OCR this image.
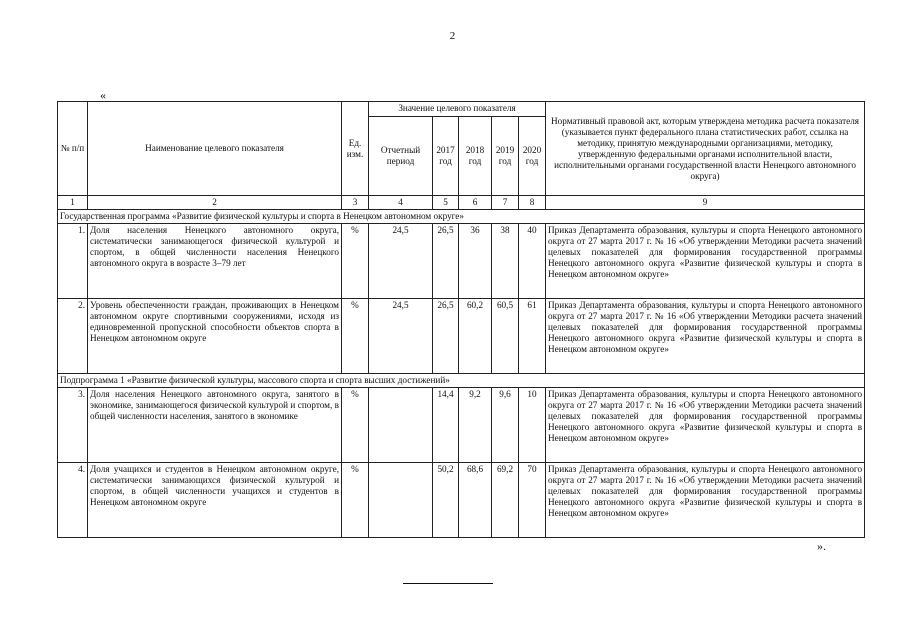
2
«
№ п/п	Наименование целевого показателя	Ед. изм.	Значение целевого показателя					Нормативный правовой акт, которым утверждена методика расчета показателя (указывается пункт федерального плана статистических работ, ссылка на методику, принятую международными организациями, методику, утвержденную федеральными органами исполнительной власти, исполнительными органами государственной власти Ненецкого автономного округа)
			Отчетный период	2017 год	2018 год	2019 год	2020 год	
1	2	3	4	5	6	7	8	9
Государственная программа «Развитие физической культуры и спорта в Ненецком автономном округе»								
1.	Доля населения Ненецкого автономного округа, систематически занимающегося физической культурой и спортом, в общей численности населения Ненецкого автономного округа в возрасте 3–79 лет	%	24,5	26,5	36	38	40	Приказ Департамента образования, культуры и спорта Ненецкого автономного округа от 27 марта 2017 г. № 16 «Об утверждении Методики расчета значений целевых показателей для формирования государственной программы Ненецкого автономного округа «Развитие физической культуры и спорта в Ненецком автономном округе»
2.	Уровень обеспеченности граждан, проживающих в Ненецком автономном округе спортивными сооружениями, исходя из единовременной пропускной способности объектов спорта в Ненецком автономном округе	%	24,5	26,5	60,2	60,5	61	Приказ Департамента образования, культуры и спорта Ненецкого автономного округа от 27 марта 2017 г. № 16 «Об утверждении Методики расчета значений целевых показателей для формирования государственной программы Ненецкого автономного округа «Развитие физической культуры и спорта в Ненецком автономном округе»
Подпрограмма 1 «Развитие физической культуры, массового спорта и спорта высших достижений»								
3.	Доля населения Ненецкого автономного округа, занятого в экономике, занимающегося физической культурой и спортом, в общей численности населения, занятого в экономике	%		14,4	9,2	9,6	10	Приказ Департамента образования, культуры и спорта Ненецкого автономного округа от 27 марта 2017 г. № 16 «Об утверждении Методики расчета значений целевых показателей для формирования государственной программы Ненецкого автономного округа «Развитие физической культуры и спорта в Ненецком автономном округе»
4.	Доля учащихся и студентов в Ненецком автономном округе, систематически занимающихся физической культурой и спортом, в общей численности учащихся и студентов в Ненецком автономном округе	%		50,2	68,6	69,2	70	Приказ Департамента образования, культуры и спорта Ненецкого автономного округа от 27 марта 2017 г. № 16 «Об утверждении Методики расчета значений целевых показателей для формирования государственной программы Ненецкого автономного округа «Развитие физической культуры и спорта в Ненецком автономном округе»
».
